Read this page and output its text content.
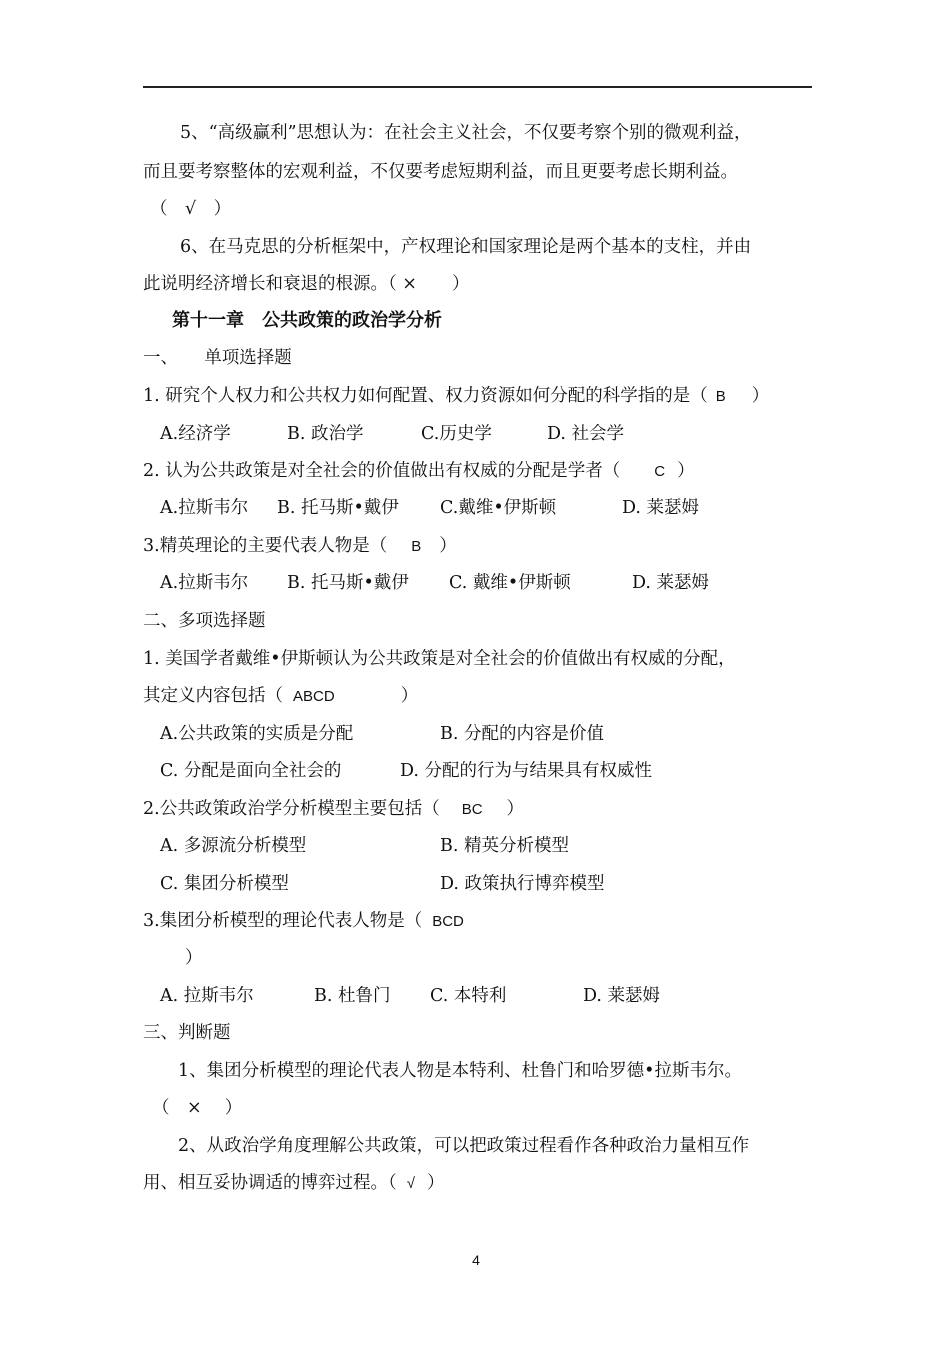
5、“高级赢利”思想认为：在社会主义社会，不仅要考察个别的微观利益，
而且要考察整体的宏观利益，不仅要考虑短期利益，而且更要考虑长期利益。
（　√　）
6、在马克思的分析框架中，产权理论和国家理论是两个基本的支柱，并由
此说明经济增长和衰退的根源。（ ×　　）
第十一章　公共政策的政治学分析
一、　　单项选择题
1. 研究个人权力和公共权力如何配置、权力资源如何分配的科学指的是（ B ）
A.经济学	B. 政治学	C.历史学	D. 社会学
2. 认为公共政策是对全社会的价值做出有权威的分配是学者（ C ）
A.拉斯韦尔 B. 托马斯•戴伊 C.戴维•伊斯顿	D. 莱瑟姆
3.精英理论的主要代表人物是（ B ）
A.拉斯韦尔 B. 托马斯•戴伊 C. 戴维•伊斯顿	D. 莱瑟姆
二、多项选择题
1. 美国学者戴维•伊斯顿认为公共政策是对全社会的价值做出有权威的分配，
其定义内容包括（ ABCD	）
A.公共政策的实质是分配	B. 分配的内容是价值
C. 分配是面向全社会的	D. 分配的行为与结果具有权威性
2.公共政策政治学分析模型主要包括（ BC ）
A. 多源流分析模型	B. 精英分析模型
C. 集团分析模型	D. 政策执行博弈模型
3.集团分析模型的理论代表人物是（ BCD
）
A. 拉斯韦尔	B. 杜鲁门 C. 本特利	D. 莱瑟姆
三、判断题
1、集团分析模型的理论代表人物是本特利、杜鲁门和哈罗德•拉斯韦尔。
（　×　 ）
2、从政治学角度理解公共政策，可以把政策过程看作各种政治力量相互作
用、相互妥协调适的博弈过程。（ √ ）
4
